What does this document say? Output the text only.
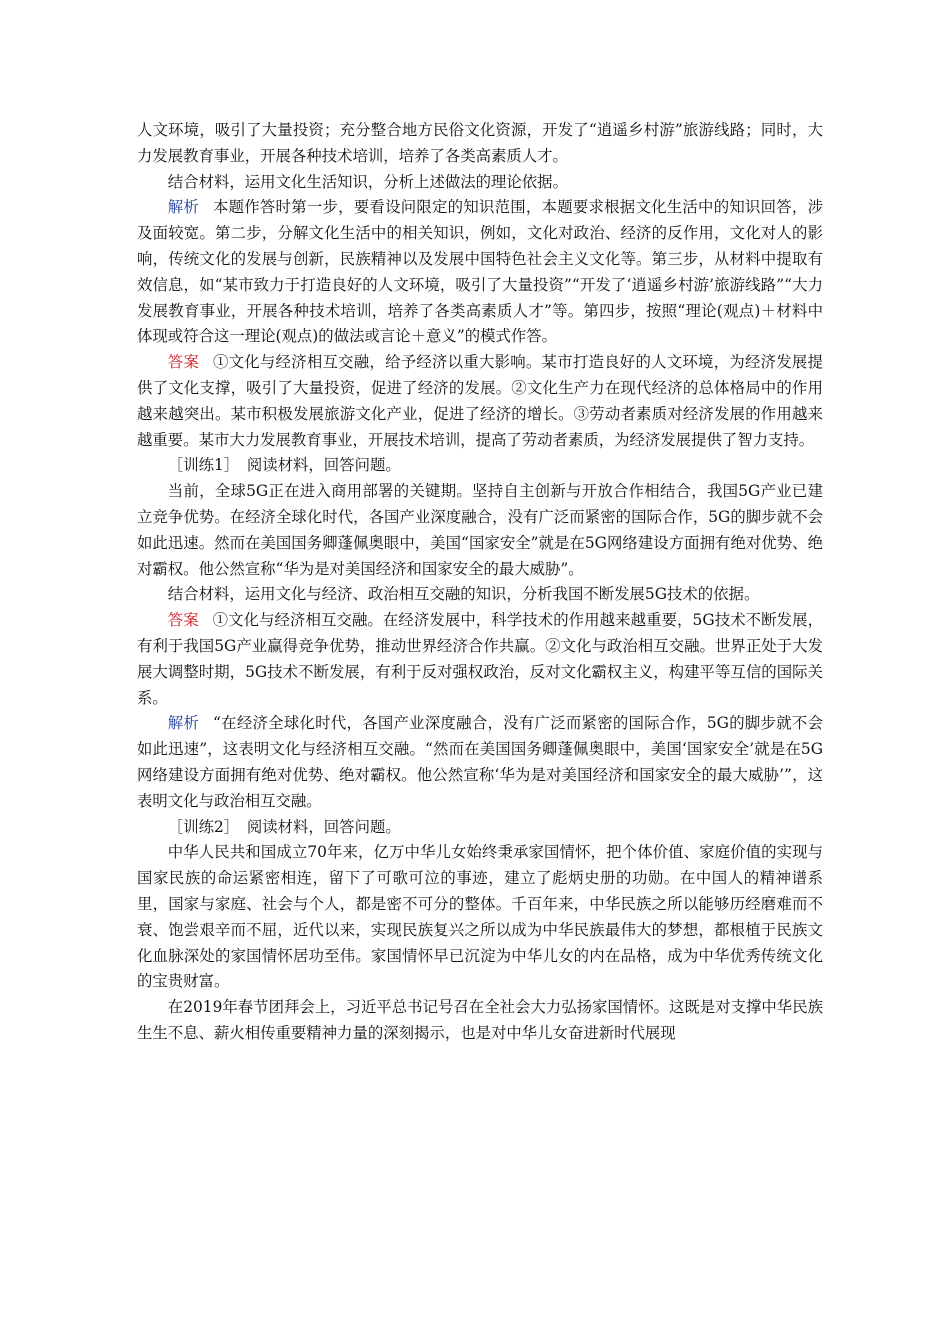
人文环境，吸引了大量投资；充分整合地方民俗文化资源，开发了“逍遥乡村游”旅游线路；同时，大力发展教育事业，开展各种技术培训，培养了各类高素质人才。

结合材料，运用文化生活知识，分析上述做法的理论依据。

解析 本题作答时第一步，要看设问限定的知识范围，本题要求根据文化生活中的知识回答，涉及面较宽。第二步，分解文化生活中的相关知识，例如，文化对政治、经济的反作用，文化对人的影响，传统文化的发展与创新，民族精神以及发展中国特色社会主义文化等。第三步，从材料中提取有效信息，如“某市致力于打造良好的人文环境，吸引了大量投资”“开发了‘逍遥乡村游’旅游线路”“大力发展教育事业，开展各种技术培训，培养了各类高素质人才”等。第四步，按照“理论(观点)＋材料中体现或符合这一理论(观点)的做法或言论＋意义”的模式作答。

答案 ①文化与经济相互交融，给予经济以重大影响。某市打造良好的人文环境，为经济发展提供了文化支撑，吸引了大量投资，促进了经济的发展。②文化生产力在现代经济的总体格局中的作用越来越突出。某市积极发展旅游文化产业，促进了经济的增长。③劳动者素质对经济发展的作用越来越重要。某市大力发展教育事业，开展技术培训，提高了劳动者素质，为经济发展提供了智力支持。

［训练1］　阅读材料，回答问题。

当前，全球5G正在进入商用部署的关键期。坚持自主创新与开放合作相结合，我国5G产业已建立竞争优势。在经济全球化时代，各国产业深度融合，没有广泛而紧密的国际合作，5G的脚步就不会如此迅速。然而在美国国务卿蓬佩奥眼中，美国“国家安全”就是在5G网络建设方面拥有绝对优势、绝对霸权。他公然宣称“华为是对美国经济和国家安全的最大威胁”。

结合材料，运用文化与经济、政治相互交融的知识，分析我国不断发展5G技术的依据。

答案 ①文化与经济相互交融。在经济发展中，科学技术的作用越来越重要，5G技术不断发展，有利于我国5G产业赢得竞争优势，推动世界经济合作共赢。②文化与政治相互交融。世界正处于大发展大调整时期，5G技术不断发展，有利于反对强权政治，反对文化霸权主义，构建平等互信的国际关系。

解析 “在经济全球化时代，各国产业深度融合，没有广泛而紧密的国际合作，5G的脚步就不会如此迅速”，这表明文化与经济相互交融。“然而在美国国务卿蓬佩奥眼中，美国‘国家安全’就是在5G网络建设方面拥有绝对优势、绝对霸权。他公然宣称‘华为是对美国经济和国家安全的最大威胁’”，这表明文化与政治相互交融。

［训练2］　阅读材料，回答问题。

中华人民共和国成立70年来，亿万中华儿女始终秉承家国情怀，把个体价值、家庭价值的实现与国家民族的命运紧密相连，留下了可歌可泣的事迹，建立了彪炳史册的功勋。在中国人的精神谱系里，国家与家庭、社会与个人，都是密不可分的整体。千百年来，中华民族之所以能够历经磨难而不衰、饱尝艰辛而不屈，近代以来，实现民族复兴之所以成为中华民族最伟大的梦想，都根植于民族文化血脉深处的家国情怀居功至伟。家国情怀早已沉淀为中华儿女的内在品格，成为中华优秀传统文化的宝贵财富。

在2019年春节团拜会上，习近平总书记号召在全社会大力弘扬家国情怀。这既是对支撑中华民族生生不息、薪火相传重要精神力量的深刻揭示，也是对中华儿女奋进新时代展现
